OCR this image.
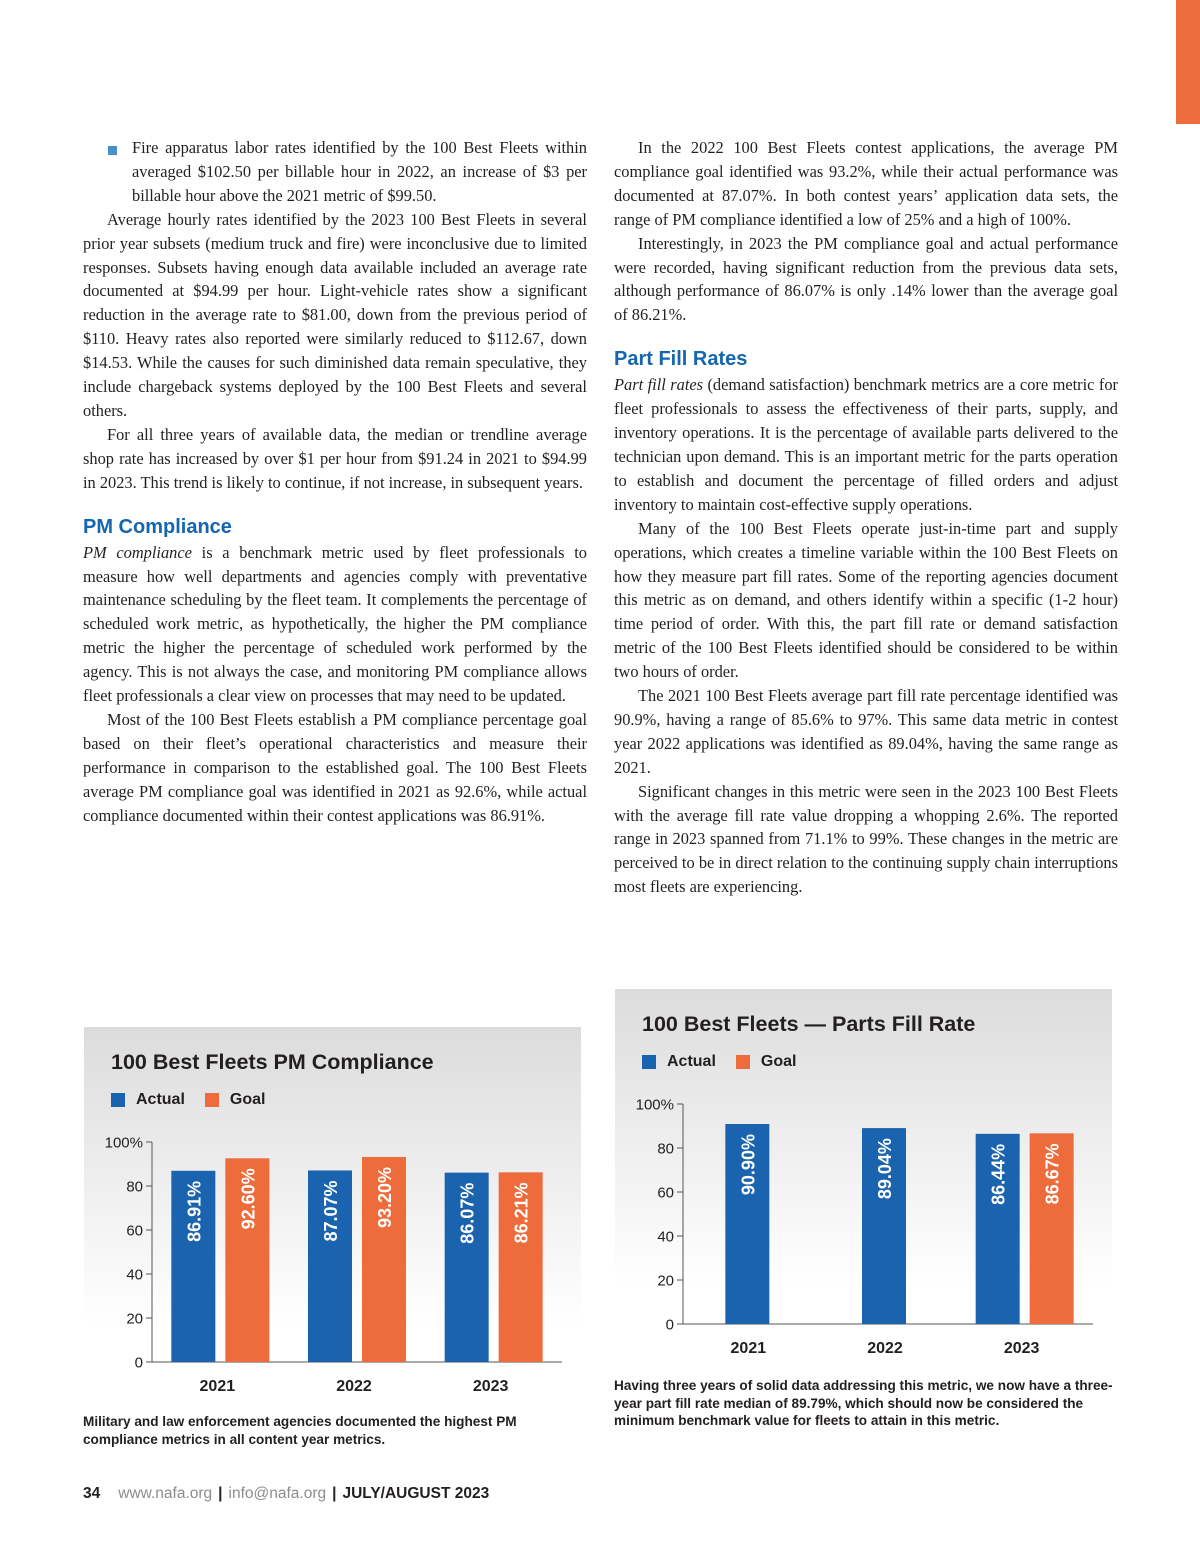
Fire apparatus labor rates identified by the 100 Best Fleets within averaged $102.50 per billable hour in 2022, an increase of $3 per billable hour above the 2021 metric of $99.50.

Average hourly rates identified by the 2023 100 Best Fleets in several prior year subsets (medium truck and fire) were inconclusive due to limited responses. Subsets having enough data available included an average rate documented at $94.99 per hour. Light-vehicle rates show a significant reduction in the average rate to $81.00, down from the previous period of $110. Heavy rates also reported were similarly reduced to $112.67, down $14.53. While the causes for such diminished data remain speculative, they include chargeback systems deployed by the 100 Best Fleets and several others.

For all three years of available data, the median or trendline average shop rate has increased by over $1 per hour from $91.24 in 2021 to $94.99 in 2023. This trend is likely to continue, if not increase, in subsequent years.

PM Compliance

PM compliance is a benchmark metric used by fleet professionals to measure how well departments and agencies comply with preventative maintenance scheduling by the fleet team. It complements the percentage of scheduled work metric, as hypothetically, the higher the PM compliance metric the higher the percentage of scheduled work performed by the agency. This is not always the case, and monitoring PM compliance allows fleet professionals a clear view on processes that may need to be updated.

Most of the 100 Best Fleets establish a PM compliance percentage goal based on their fleet’s operational characteristics and measure their performance in comparison to the established goal. The 100 Best Fleets average PM compliance goal was identified in 2021 as 92.6%, while actual compliance documented within their contest applications was 86.91%.

In the 2022 100 Best Fleets contest applications, the average PM compliance goal identified was 93.2%, while their actual performance was documented at 87.07%. In both contest years’ application data sets, the range of PM compliance identified a low of 25% and a high of 100%.

Interestingly, in 2023 the PM compliance goal and actual performance were recorded, having significant reduction from the previous data sets, although performance of 86.07% is only .14% lower than the average goal of 86.21%.

Part Fill Rates

Part fill rates (demand satisfaction) benchmark metrics are a core metric for fleet professionals to assess the effectiveness of their parts, supply, and inventory operations. It is the percentage of available parts delivered to the technician upon demand. This is an important metric for the parts operation to establish and document the percentage of filled orders and adjust inventory to maintain cost-effective supply operations.

Many of the 100 Best Fleets operate just-in-time part and supply operations, which creates a timeline variable within the 100 Best Fleets on how they measure part fill rates. Some of the reporting agencies document this metric as on demand, and others identify within a specific (1-2 hour) time period of order. With this, the part fill rate or demand satisfaction metric of the 100 Best Fleets identified should be considered to be within two hours of order.

The 2021 100 Best Fleets average part fill rate percentage identified was 90.9%, having a range of 85.6% to 97%. This same data metric in contest year 2022 applications was identified as 89.04%, having the same range as 2021.

Significant changes in this metric were seen in the 2023 100 Best Fleets with the average fill rate value dropping a whopping 2.6%. The reported range in 2023 spanned from 71.1% to 99%. These changes in the metric are perceived to be in direct relation to the continuing supply chain interruptions most fleets are experiencing.

0
20
40
60
80
100%
86.91% 92.60%
2021
87.07% 93.20%
2022
86.07% 86.21%
2023
100 Best Fleets PM Compliance
Actual	Goal
Military and law enforcement agencies documented the highest PM compliance metrics in all content year metrics.
0
20
40
60
80
100%
90.90%
2021
89.04%
2022
86.44% 86.67%
2023
100 Best Fleets — Parts Fill Rate
Actual	Goal
Having three years of solid data addressing this metric, we now have a three-year part fill rate median of 89.79%, which should now be considered the minimum benchmark value for fleets to attain in this metric.
34 www.nafa.org | info@nafa.org | JULY/AUGUST 2023
